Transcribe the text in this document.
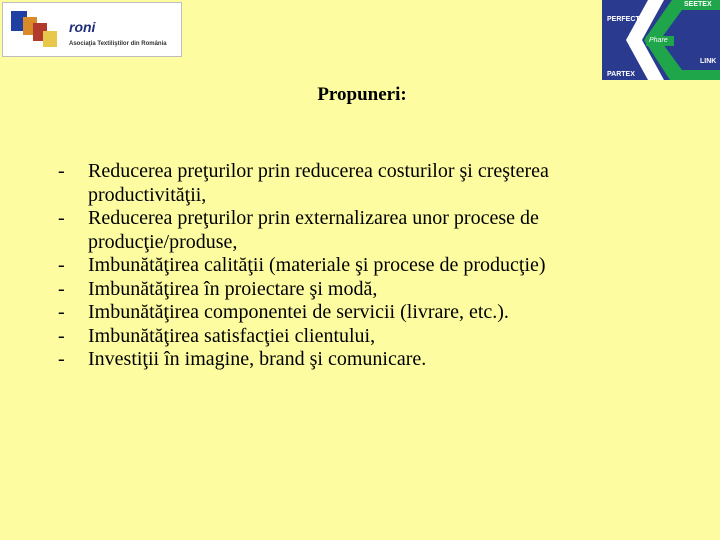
roni
Asociaţia Textiliştilor din România
SEETEX
PERFECT
Phare
LINK
PARTEX
Propuneri:
- Reducerea preţurilor prin reducerea costurilor şi creşterea productivităţii,
- Reducerea preţurilor prin externalizarea unor procese de producţie/produse,
- Imbunătăţirea calităţii (materiale şi procese de producţie)
- Imbunătăţirea în proiectare şi modă,
- Imbunătăţirea componentei de servicii (livrare, etc.).
- Imbunătăţirea satisfacţiei clientului,
- Investiţii în imagine, brand şi comunicare.
